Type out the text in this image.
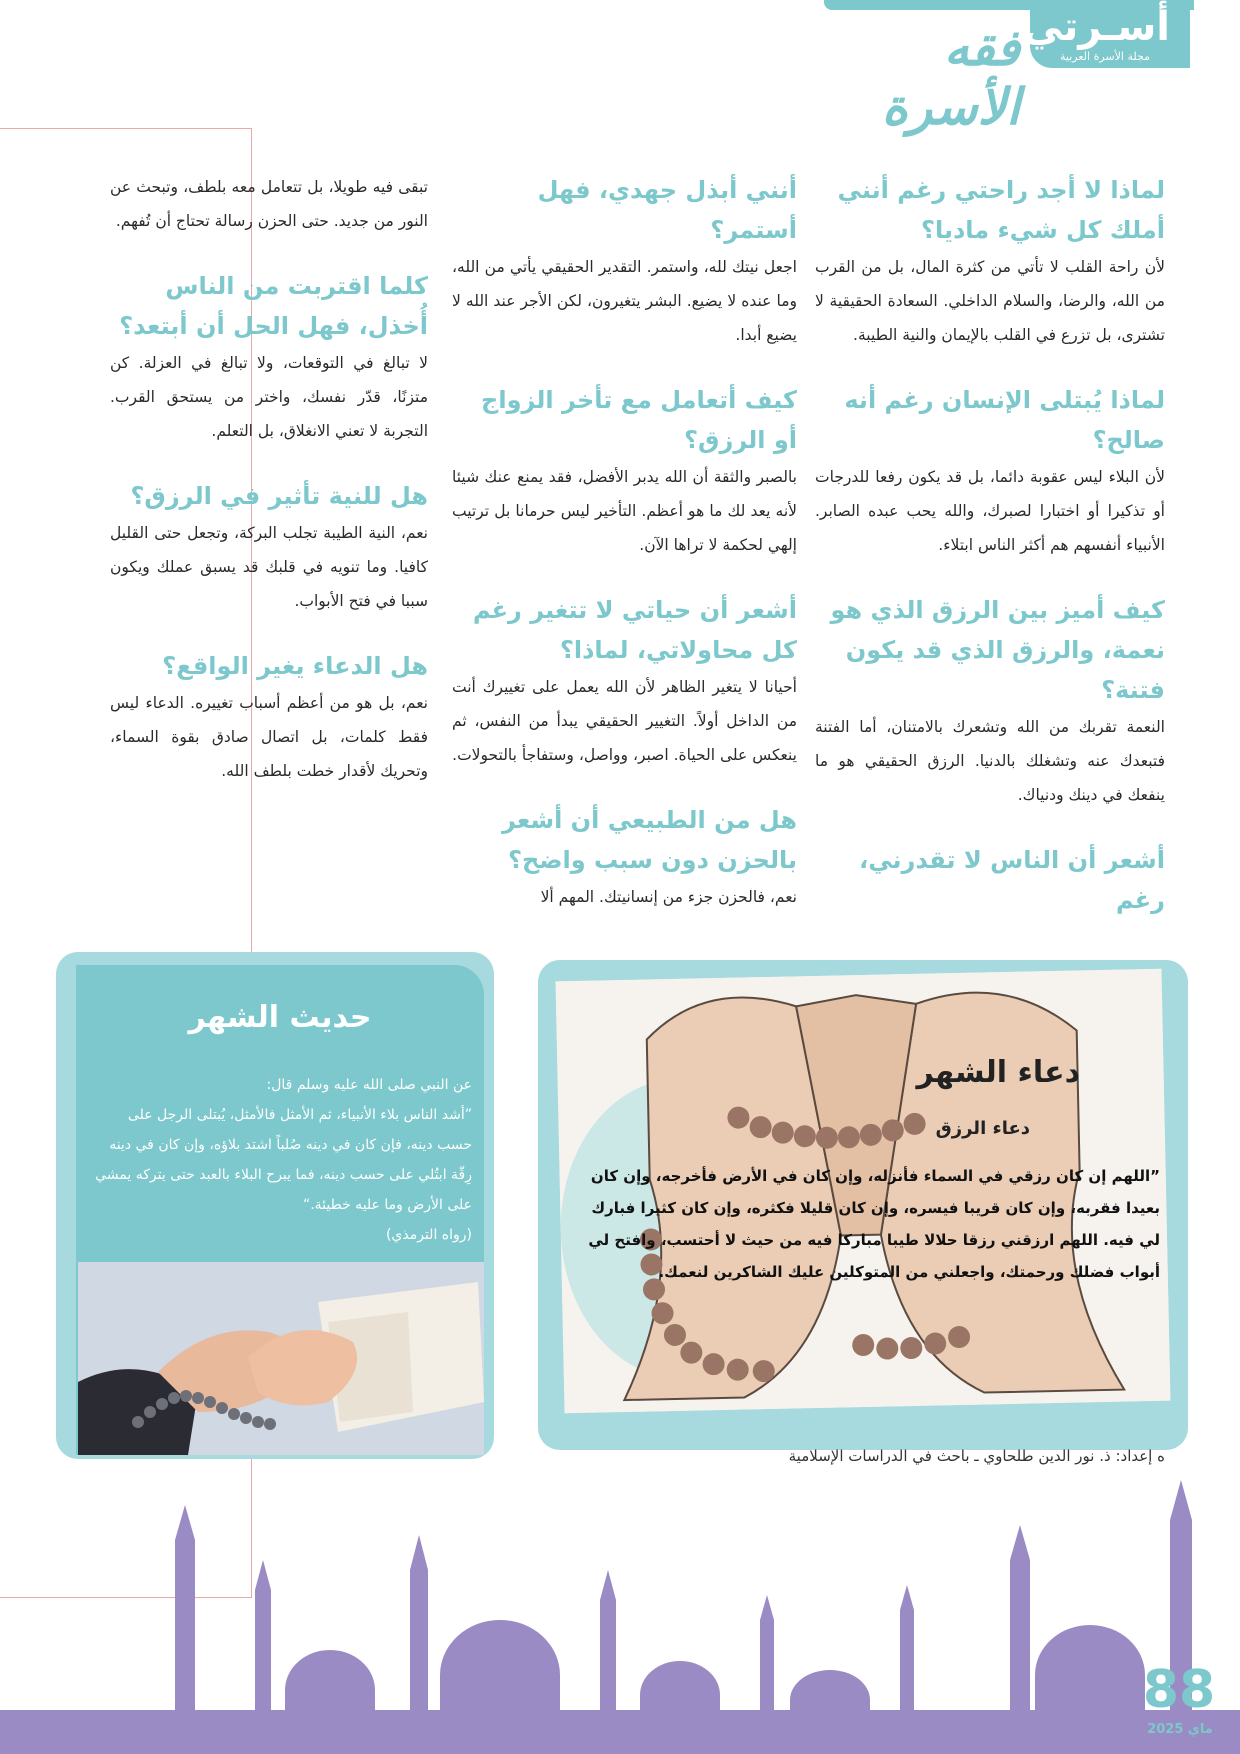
أسـرتي
مجلة الأسرة العربية
فقه الأسرة
لماذا لا أجد راحتي رغم أنني أملك كل شيء ماديا؟

لأن راحة القلب لا تأتي من كثرة المال، بل من القرب من الله، والرضا، والسلام الداخلي. السعادة الحقيقية لا تشترى، بل تزرع في القلب بالإيمان والنية الطيبة.

لماذا يُبتلى الإنسان رغم أنه صالح؟

لأن البلاء ليس عقوبة دائما، بل قد يكون رفعا للدرجات أو تذكيرا أو اختبارا لصبرك، والله يحب عبده الصابر. الأنبياء أنفسهم هم أكثر الناس ابتلاء.

كيف أميز بين الرزق الذي هو نعمة، والرزق الذي قد يكون فتنة؟

النعمة تقربك من الله وتشعرك بالامتنان، أما الفتنة فتبعدك عنه وتشغلك بالدنيا. الرزق الحقيقي هو ما ينفعك في دينك ودنياك.

أشعر أن الناس لا تقدرني، رغم
أنني أبذل جهدي، فهل أستمر؟

اجعل نيتك لله، واستمر. التقدير الحقيقي يأتي من الله، وما عنده لا يضيع. البشر يتغيرون، لكن الأجر عند الله لا يضيع أبدا.

كيف أتعامل مع تأخر الزواج أو الرزق؟

بالصبر والثقة أن الله يدبر الأفضل، فقد يمنع عنك شيئا لأنه يعد لك ما هو أعظم. التأخير ليس حرمانا بل ترتيب إلهي لحكمة لا تراها الآن.

أشعر أن حياتي لا تتغير رغم كل محاولاتي، لماذا؟

أحيانا لا يتغير الظاهر لأن الله يعمل على تغييرك أنت من الداخل أولاً. التغيير الحقيقي يبدأ من النفس، ثم ينعكس على الحياة. اصبر، وواصل، وستفاجأ بالتحولات.

هل من الطبيعي أن أشعر بالحزن دون سبب واضح؟

نعم، فالحزن جزء من إنسانيتك. المهم ألا

تبقى فيه طويلا، بل تتعامل معه بلطف، وتبحث عن النور من جديد. حتى الحزن رسالة تحتاج أن تُفهم.

كلما اقتربت من الناس أُخذل، فهل الحل أن أبتعد؟

لا تبالغ في التوقعات، ولا تبالغ في العزلة. كن متزنًا، قدّر نفسك، واختر من يستحق القرب. التجربة لا تعني الانغلاق، بل التعلم.

هل للنية تأثير في الرزق؟

نعم، النية الطيبة تجلب البركة، وتجعل حتى القليل كافيا. وما تنويه في قلبك قد يسبق عملك ويكون سببا في فتح الأبواب.

هل الدعاء يغير الواقع؟

نعم، بل هو من أعظم أسباب تغييره. الدعاء ليس فقط كلمات، بل اتصال صادق بقوة السماء، وتحريك لأقدار خطت بلطف الله.

حديث الشهر
عن النبي صلى الله عليه وسلم قال:
”أشد الناس بلاء الأنبياء، ثم الأمثل فالأمثل، يُبتلى الرجل على حسب دينه، فإن كان في دينه صُلباً اشتد بلاؤه، وإن كان في دينه رِقّة ابتُلي على حسب دينه، فما يبرح البلاء بالعبد حتى يتركه يمشي على الأرض وما عليه خطيئة.“
(رواه الترمذي)
دعاء الشهر
دعاء الرزق
”اللهم إن كان رزقي في السماء فأنزله، وإن كان في الأرض فأخرجه، وإن كان بعيدا فقربه، وإن كان قريبا فيسره، وإن كان قليلا فكثره، وإن كان كثيرا فبارك لي فيه. اللهم ارزقني رزقا حلالا طيبا مباركا فيه من حيث لا أحتسب، وافتح لي أبواب فضلك ورحمتك، واجعلني من المتوكلين عليك الشاكرين لنعمك.
ه إعداد: ذ. نور الدين طلحاوي ـ باحث في الدراسات الإسلامية
88
ماي 2025
